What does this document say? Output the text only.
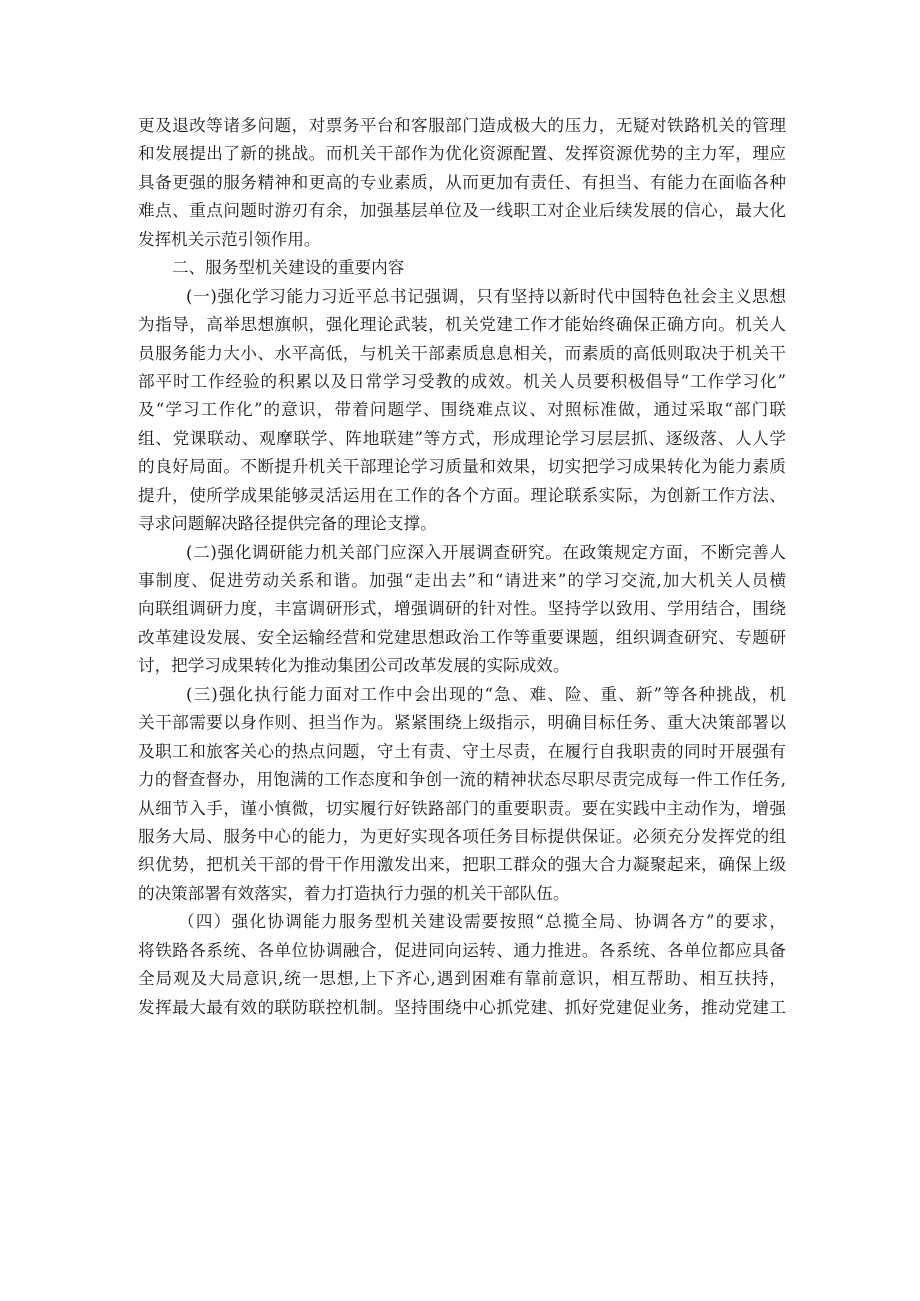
更及退改等诸多问题，对票务平台和客服部门造成极大的压力，无疑对铁路机关的管理
和发展提出了新的挑战。而机关干部作为优化资源配置、发挥资源优势的主力军，理应
具备更强的服务精神和更高的专业素质，从而更加有责任、有担当、有能力在面临各种
难点、重点问题时游刃有余，加强基层单位及一线职工对企业后续发展的信心，最大化
发挥机关示范引领作用。
二、服务型机关建设的重要内容
(一)强化学习能力习近平总书记强调，只有坚持以新时代中国特色社会主义思想
为指导，高举思想旗帜，强化理论武装，机关党建工作才能始终确保正确方向。机关人
员服务能力大小、水平高低，与机关干部素质息息相关，而素质的高低则取决于机关干
部平时工作经验的积累以及日常学习受教的成效。机关人员要积极倡导“工作学习化”
及“学习工作化”的意识，带着问题学、围绕难点议、对照标准做，通过采取“部门联
组、党课联动、观摩联学、阵地联建”等方式，形成理论学习层层抓、逐级落、人人学
的良好局面。不断提升机关干部理论学习质量和效果，切实把学习成果转化为能力素质
提升，使所学成果能够灵活运用在工作的各个方面。理论联系实际，为创新工作方法、
寻求问题解决路径提供完备的理论支撑。
(二)强化调研能力机关部门应深入开展调查研究。在政策规定方面，不断完善人
事制度、促进劳动关系和谐。加强“走出去”和“请进来”的学习交流,加大机关人员横
向联组调研力度，丰富调研形式，增强调研的针对性。坚持学以致用、学用结合，围绕
改革建设发展、安全运输经营和党建思想政治工作等重要课题，组织调查研究、专题研
讨，把学习成果转化为推动集团公司改革发展的实际成效。
(三)强化执行能力面对工作中会出现的“急、难、险、重、新”等各种挑战，机
关干部需要以身作则、担当作为。紧紧围绕上级指示，明确目标任务、重大决策部署以
及职工和旅客关心的热点问题，守土有责、守土尽责，在履行自我职责的同时开展强有
力的督查督办，用饱满的工作态度和争创一流的精神状态尽职尽责完成每一件工作任务,
从细节入手，谨小慎微，切实履行好铁路部门的重要职责。要在实践中主动作为，增强
服务大局、服务中心的能力，为更好实现各项任务目标提供保证。必须充分发挥党的组
织优势，把机关干部的骨干作用激发出来，把职工群众的强大合力凝聚起来，确保上级
的决策部署有效落实，着力打造执行力强的机关干部队伍。
（四）强化协调能力服务型机关建设需要按照“总揽全局、协调各方”的要求，
将铁路各系统、各单位协调融合，促进同向运转、通力推进。各系统、各单位都应具备
全局观及大局意识,统一思想,上下齐心,遇到困难有靠前意识，相互帮助、相互扶持，
发挥最大最有效的联防联控机制。坚持围绕中心抓党建、抓好党建促业务，推动党建工
